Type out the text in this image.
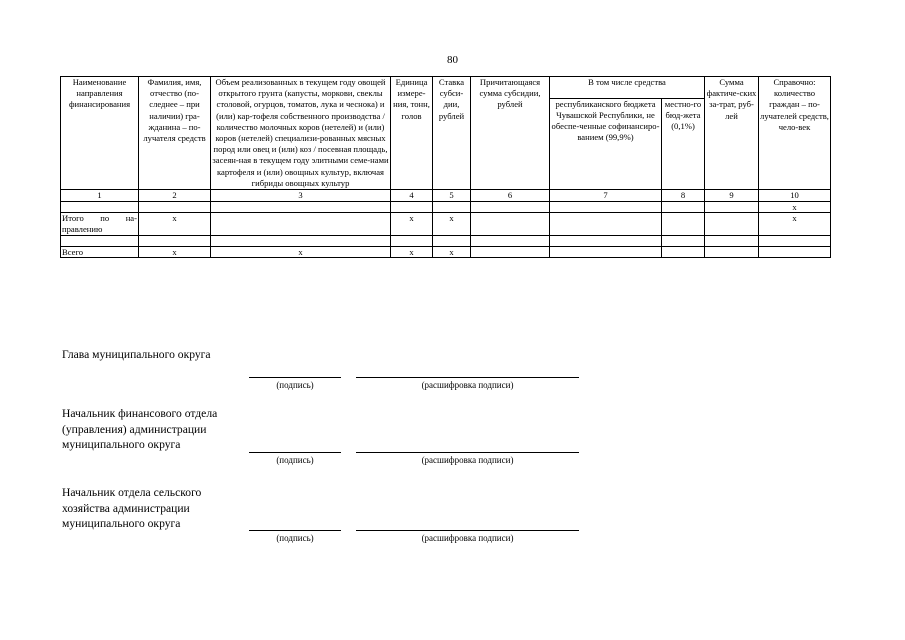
80
Наименование направления финансирования	Фамилия, имя, отчество (по-следнее – при наличии) гра-жданина – по-лучателя средств	Объем реализованных в текущем году овощей открытого грунта (капусты, моркови, свеклы столовой, огурцов, томатов, лука и чеснока) и (или) кар-тофеля собственного производства / количество молочных коров (нетелей) и (или) коров (нетелей) специализи-рованных мясных пород или овец и (или) коз / посевная площадь, засеян-ная в текущем году элитными семе-нами картофеля и (или) овощных культур, включая гибриды овощных культур	Единица измере-ния, тонн, голов	Ставка субси-дии, рублей	Причитающаяся сумма субсидии, рублей	В том числе средства		Сумма фактиче-ских за-трат, руб-лей	Справочно: количество граждан – по-лучателей средств, чело-век
						республиканского бюджета Чувашской Республики, не обеспе-ченные софинансиро-ванием (99,9%)	местно-го бюд-жета (0,1%)		
1	2	3	4	5	6	7	8	9	10
									х
Итого по на-правлению	х		х	х					х

Всего	х	х	х	х					
Глава муниципального округа
(подпись)	(расшифровка подписи)
Начальник финансового отдела (управления) администрации муниципального округа
(подпись)	(расшифровка подписи)
Начальник отдела сельского хозяйства администрации муниципального округа
(подпись)	(расшифровка подписи)
